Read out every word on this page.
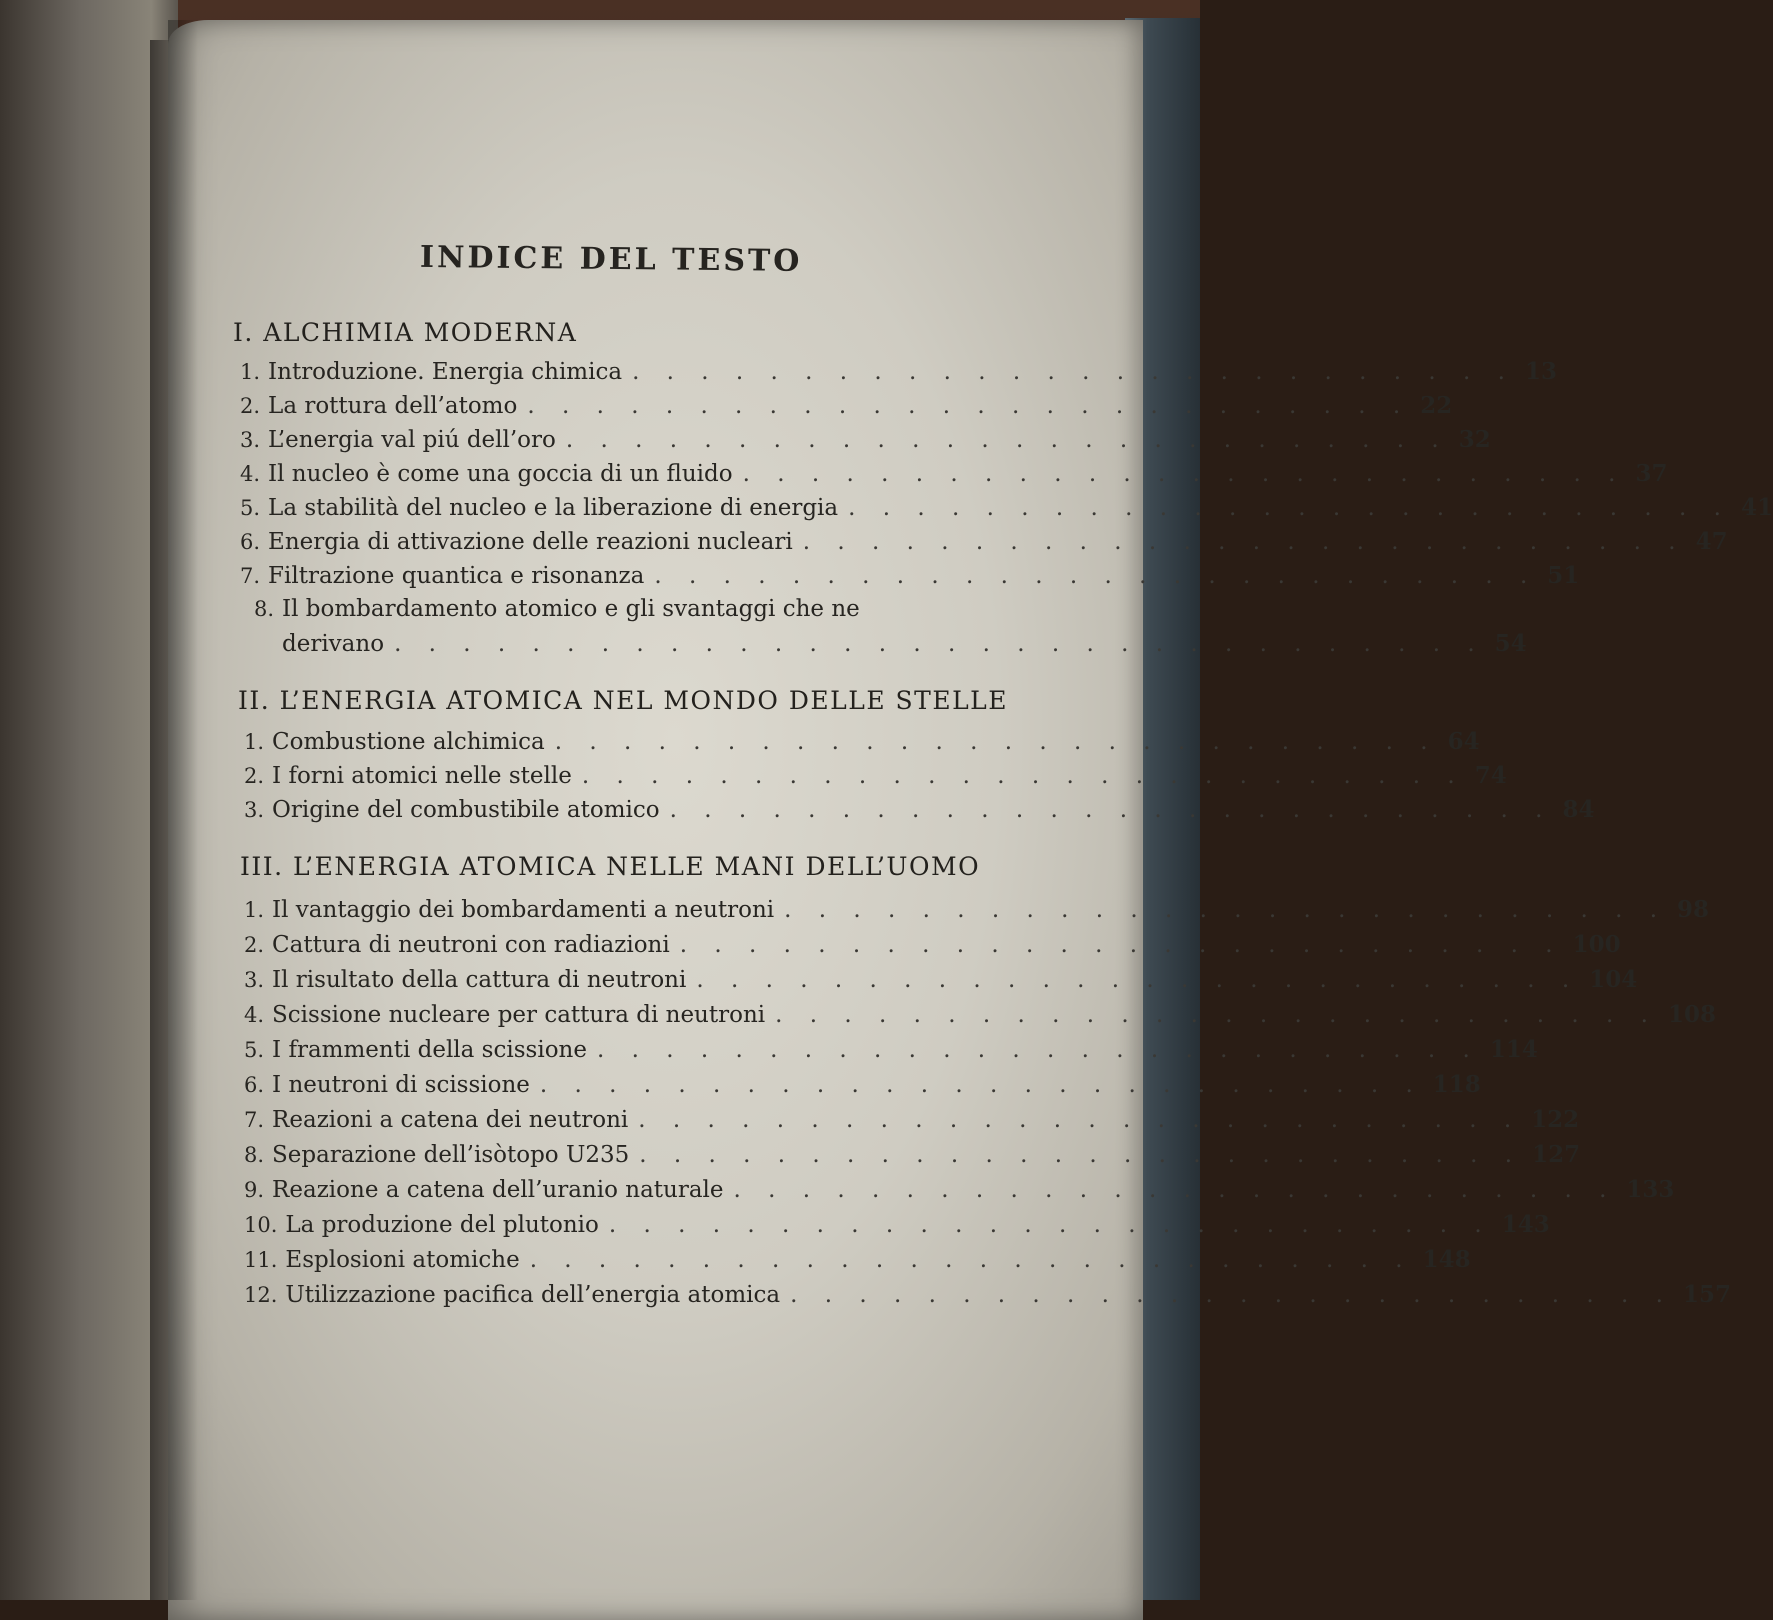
INDICE DEL TESTO
I. ALCHIMIA MODERNA
1. Introduzione. Energia chimica . . . . . . . . . . . . . . . . . . . . . . . . . . 13
2. La rottura dell’atomo . . . . . . . . . . . . . . . . . . . . . . . . . . 22
3. L’energia val piú dell’oro . . . . . . . . . . . . . . . . . . . . . . . . . . 32
4. Il nucleo è come una goccia di un fluido . . . . . . . . . . . . . . . . . . . . . . . . . . 37
5. La stabilità del nucleo e la liberazione di energia . . . . . . . . . . . . . . . . . . . . . . . . . . 41
6. Energia di attivazione delle reazioni nucleari . . . . . . . . . . . . . . . . . . . . . . . . . . 47
7. Filtrazione quantica e risonanza . . . . . . . . . . . . . . . . . . . . . . . . . . 51
8. Il bombardamento atomico e gli svantaggi che ne
derivano . . . . . . . . . . . . . . . . . . . . . . . . . . . . . . . . 54
II. L’ENERGIA ATOMICA NEL MONDO DELLE STELLE
1. Combustione alchimica . . . . . . . . . . . . . . . . . . . . . . . . . . 64
2. I forni atomici nelle stelle . . . . . . . . . . . . . . . . . . . . . . . . . . 74
3. Origine del combustibile atomico . . . . . . . . . . . . . . . . . . . . . . . . . . 84
III. L’ENERGIA ATOMICA NELLE MANI DELL’UOMO
1. Il vantaggio dei bombardamenti a neutroni . . . . . . . . . . . . . . . . . . . . . . . . . . 98
2. Cattura di neutroni con radiazioni . . . . . . . . . . . . . . . . . . . . . . . . . . 100
3. Il risultato della cattura di neutroni . . . . . . . . . . . . . . . . . . . . . . . . . . 104
4. Scissione nucleare per cattura di neutroni . . . . . . . . . . . . . . . . . . . . . . . . . . 108
5. I frammenti della scissione . . . . . . . . . . . . . . . . . . . . . . . . . . 114
6. I neutroni di scissione . . . . . . . . . . . . . . . . . . . . . . . . . . 118
7. Reazioni a catena dei neutroni . . . . . . . . . . . . . . . . . . . . . . . . . . 122
8. Separazione dell’isòtopo U235 . . . . . . . . . . . . . . . . . . . . . . . . . . 127
9. Reazione a catena dell’uranio naturale . . . . . . . . . . . . . . . . . . . . . . . . . . 133
10. La produzione del plutonio . . . . . . . . . . . . . . . . . . . . . . . . . . 143
11. Esplosioni atomiche . . . . . . . . . . . . . . . . . . . . . . . . . . 148
12. Utilizzazione pacifica dell’energia atomica . . . . . . . . . . . . . . . . . . . . . . . . . . 157
